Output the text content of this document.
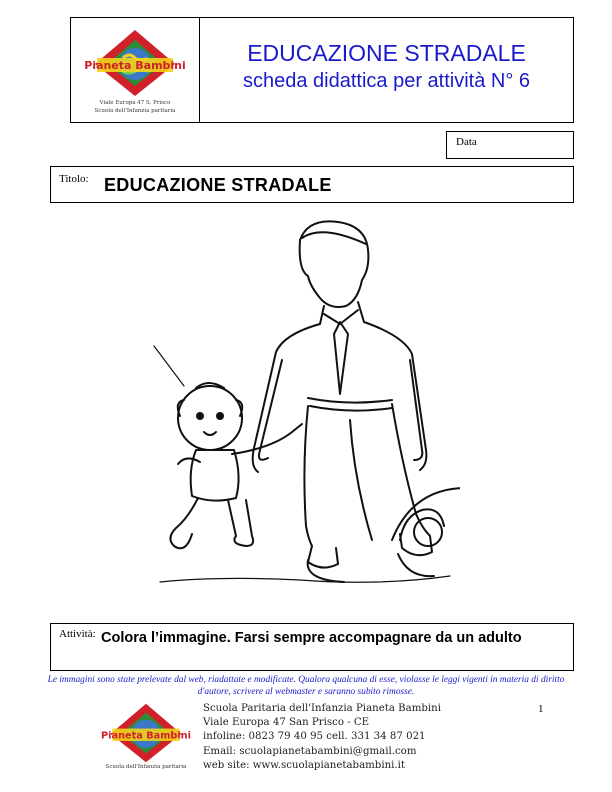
Pianeta Bambini
Viale Europa 47 S. Prisco
Scuola dell'Infanzia paritaria
EDUCAZIONE STRADALE
scheda didattica per attività N° 6
Data
Titolo: EDUCAZIONE STRADALE
Attività: Colora l’immagine. Farsi sempre accompagnare da un adulto
Le immagini sono state prelevate dal web, riadattate e modificate. Qualora qualcuna di esse, violasse le leggi vigenti in materia di diritto d'autore, scrivere al webmaster e saranno subito rimosse.
1
Pianeta Bambini
Scuola dell'Infanzia paritaria
Scuola Paritaria dell'Infanzia Pianeta Bambini
Viale Europa 47 San Prisco - CE
infoline: 0823 79 40 95 cell. 331 34 87 021
Email: scuolapianetabambini@gmail.com
web site: www.scuolapianetabambini.it
